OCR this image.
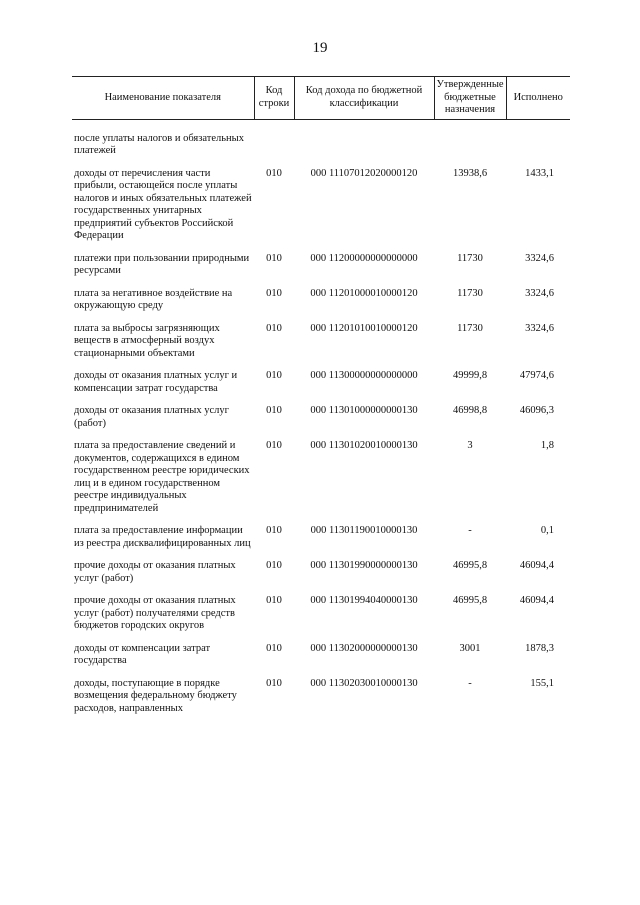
19
Наименование показателя	Код строки	Код дохода по бюджетной классификации	Утвержденные бюджетные назначения	Исполнено
после уплаты налогов и обязательных платежей				
доходы от перечисления части прибыли, остающейся после уплаты налогов и иных обязательных платежей государственных унитарных предприятий субъектов Российской Федерации	010	000 11107012020000120	13938,6	1433,1
платежи при пользовании природными ресурсами	010	000 11200000000000000	11730	3324,6
плата за негативное воздействие на окружающую среду	010	000 11201000010000120	11730	3324,6
плата за выбросы загрязняющих веществ в атмосферный воздух стационарными объектами	010	000 11201010010000120	11730	3324,6
доходы от оказания платных услуг и компенсации затрат государства	010	000 11300000000000000	49999,8	47974,6
доходы от оказания платных услуг (работ)	010	000 11301000000000130	46998,8	46096,3
плата за предоставление сведений и документов, содержащихся в едином государственном реестре юридических лиц и в едином государственном реестре индивидуальных предпринимателей	010	000 11301020010000130	3	1,8
плата за предоставление информации из реестра дисквалифицированных лиц	010	000 11301190010000130	-	0,1
прочие доходы от оказания платных услуг (работ)	010	000 11301990000000130	46995,8	46094,4
прочие доходы от оказания платных услуг (работ) получателями средств бюджетов городских округов	010	000 11301994040000130	46995,8	46094,4
доходы от компенсации затрат государства	010	000 11302000000000130	3001	1878,3
доходы, поступающие в порядке возмещения федеральному бюджету расходов, направленных	010	000 11302030010000130	-	155,1
